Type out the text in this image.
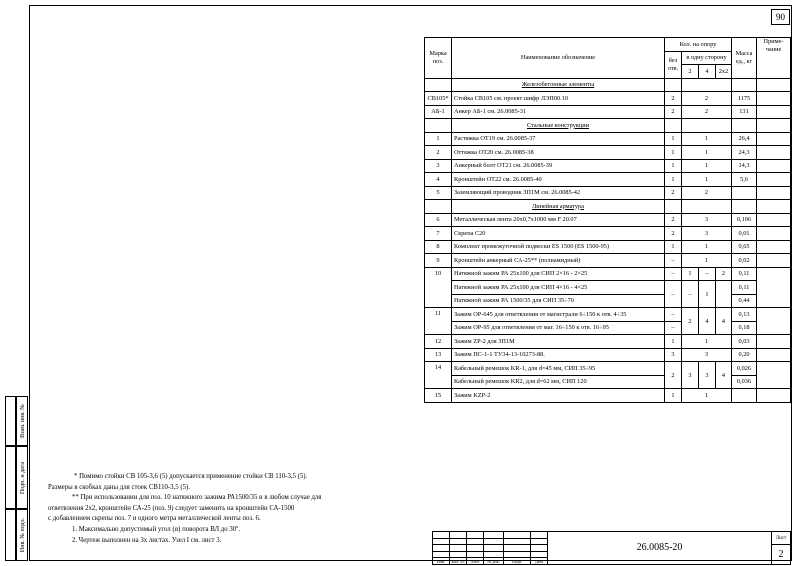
90
Взам. инв. №
Подп. и дата
Инв. № подл.
Марка поз.	Наименование обозначение	Кол. на опору				Масса ед., кг	Приме- чание
		без отв.	в одну сторону				
			2	4	2х2		
	Железобетонные элементы						
СВ105*	Стойка СВ105 см. проект шифр ЛЭП00.10	2	2			1175	
АБ-1	Анкер АБ-1 см. 26.0085-31	2	2			131	
	Стальные конструкции						
1	Растяжка ОТ19 см. 26.0085-37	1	1			26,4	
2	Оттяжка ОТ20 см. 26.0085-38	1	1			24,3	
3	Анкерный болт ОТ21 см. 26.0085-39	1	1			14,3	
4	Кронштейн ОТ22 см. 26.0085-40	1	1			5,6	
5	Заземляющий проводник ЗП1М см. 26.0085-42	2	2				
	Линейная арматура						
6	Металлическая лента 20х0,7х1000 мм F 20.07	2	3			0,106	
7	Скрепа С20	2	3			0,01	
8	Комплект промежуточной подвески ES 1500 (ES 1500-95)	1	1			0,65	
9	Кронштейн анкерный СА-25** (полиамидный)	–	1			0,02	
10	Натяжной зажим РА 25х100 для СИП 2×16 - 2×25	–	1	–	2	0,11	
	Натяжной зажим РА 25х100 для СИП 4×16 - 4×25	–	–	1		0,11	
	Натяжной зажим РА 1500/35 для СИП 35÷70					0,44	
11	Зажим ОР-645 для ответвления от магистрали 6÷150 к отв. 4÷35	–	2	4	4	0,13	
	Зажим ОР-95 для ответвления от маг. 16÷150 к отв. 16÷95	–				0,18	
12	Зажим ZP-2 для ЗП1М	1	1			0,03	
13	Зажим ПС-1-1 ТУ34-13-10273-88.	3	3			0,20	
14	Кабельный ремешок KR-1, для d=45 мм, СИП 35÷95	2	3	3	4	0,026	
	Кабельный ремешок KR2, для d=62 мм, СИП 120					0,036	
15	Зажим KZP-2	1	1				
* Помимо стойки СВ 105-3,6 (5) допускается применение стойки СВ 110-3,5 (5).
Размеры в скобках даны для стоек СВ110-3,5 (5).
** При использовании для поз. 10 натяжного зажима РА1500/35 и в любом случае для
ответвления 2х2, кронштейн СА-25 (поз. 9) следует заменить на кронштейн СА-1500
с добавлением скрепы поз. 7 и одного метра металлической ленты поз. 6.
1. Максимально допустимый угол (α) поворота ВЛ до 30º.
2. Чертеж выполнен на 3х листах. Узел I см. лист 3.
						26.0085-20	Лист

							2

Изм.	Кол. уч	Лист	№ док.	Подп.	Дата		
